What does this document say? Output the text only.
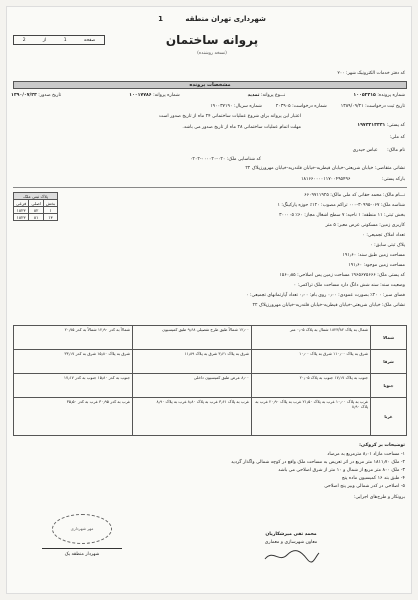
شهرداری تهران منطقه 1
پروانه ساختمان
(نسخه روشنده)
صفحه
1
از
2
کد دفتر خدمات الکترونیک شهر: ۲۰۰
مشخصات پرونده
شماره پرونده: ۱۰۰۵۲۳۱۵
نـــوع پروانه: تمدید
شماره پروانه: ۱۰۰۱۷۷۸۶
تاریخ صدور: ۱۳۹۰/۰۷/۲۳
تاریخ ثبت درخواست: ۱۳۸۹/۰۹/۲۱
شماره درخواست: ۲۰۳۹۰۵
شماره سریال: ۱۹۰۰۳۷۱۹۰
اعتبار این پروانه برای شروع عملیات ساختمانی ۲۴ ماه از تاریخ صدور است
کد پستی: ۱۹۷۳۲۱۳۳۳۱
مهلت اتمام عملیات ساختمانی ۲۸ ماه از تاریخ صدور می باشد.
کد ملی:
نام مالک: عباس حیدری
کد شناسایی ملک: ۰۲۰-۰۰۰۰۲۰-۰۲۰۲
نشانی متقاضی: خیابان شریعتی-خیابان قیطریه-خیابان قلندریه-خیابان مهرورزپلاک ۲۲
بارکد پستی: ۱۸۱۶۶۰۰۰۰۱۱۷۰۰۴۹۵۴۹۶
پلاک ثبتی ملک		
بخش	اصلی	فرعی
۱	۸۲	۱۸۲۳
۱۳	۸۱	۱۸۲۳
نـــام مالک: محمد حقانی کد ملی مالک: ۶۶۰۹۷۱۱۹۲۵
شناسه ملک: ۰۶۷-۳۰۹۹۵-۰۰۰ تراکم مصوب: ۱۲۰٪ حوزه پارکینگ: ۱
بخش ثبتی: ۱۱ منطقه: ۱ ناحیه: ۷ سطح اشغال مجاز: ۶۰٪ ۳۰۰۰۰۵
کاربری زمین: مسکونی عرض معبر: ۵ متر
تعداد املاک تجمیعی: ۰
پلاک ثبتی سابق: ۰
مساحت زمین طبق سند: ۱۹۱٫۶۰
مساحت زمین موجود: ۱۹۱٫۶۰
کد پستی ملک: ۱۹۶۵۶۷۵۶۶۶ مساحت زمین پس اصلاحی: ۱۵۶۰٫۸۵
وضعیت سند: سند شش دانگ دارد مساحت ملک تراکمی: ۰
فضای سبز: ۰ ۲۰٪ بصورت عمودی: ۰٫۰۰ روی بام: ۰٫۰۰ تعداد آپارتمانهای تجمیعی: ۰
نشانی ملک: خیابان شریعتی-خیابان قیطریه-خیابان قلندریه-خیابان مهرورزپلاک ۲۲
شمالا	شمال به پلاک ۱۸۲۳/۸۲ شمال به پلاک ۰٫۰۵ متر	۱۲٫۰۰ شمالاً طبق طرح تفصیلی ۹٫۶۸ طبق کمیسیون	شمالاً به کدر ۱۲٫۹۰ شمالاً به کدر ۲۰٫۷۵
شرقا	شرق به پلاک ۱۱۰٫۰۰ شرق به پلاک ۱۰٫۰۰	شرق به پلاک ۳٫۶۱ شرق به پلاک ۱۱٫۸۹	شرق به پلاک ۱۵٫۸۰ شرق به کدر ۳۳٫۱۷
جنوبا	جنوب به پلاک ۱۷٫۱۷ جنوب به پلاک ۲۰٫۰۵	۸٫۰۰ عرض طبق کمیسیون داخلی	جنوب به کدر ۱۵٫۸۰ جنوب به کدر ۱۷٫۱۷
غربا	غرب به پلاک ۱۰٫۰۰ غرب به پلاک ۲۱٫۵۰ غرب به پلاک ۲۰٫۹۰ غرب به پلاک ۸٫۹۰	غرب به پلاک ۳٫۶۱ غرب به پلاک ۸٫۸۰ غرب به پلاک ۸٫۹۰	غرب به کدر ۳۰٫۹۵ غرب به کدر ۳۵٫۵۰
توضیحات بر کروکی:
۱- مساحت مازاد ۸٫۰۱ مترمربع به مرصاد
۲- ملک ۱۸۱۱٫۷۰ متر مربع در اثر تعریض به مساحت ملک واقع در کوچه شمالی واگذار گردید
۳- ملک ۸۰۰ متر مربع از شمال و ۱۰ متر از شرق اصلاحی می باشد
۴- طبق بند ۱۶ کمیسیون ماده پنج
۵- اصلاحی در کدر شمالی وبیر پنج اصلاحی
برونکار و طرح‌های اجرایی:
محمد تقی میرشکاریان
معاون شهرسازی و معماری
مهر شهرداری
شهردار منطقه یک
